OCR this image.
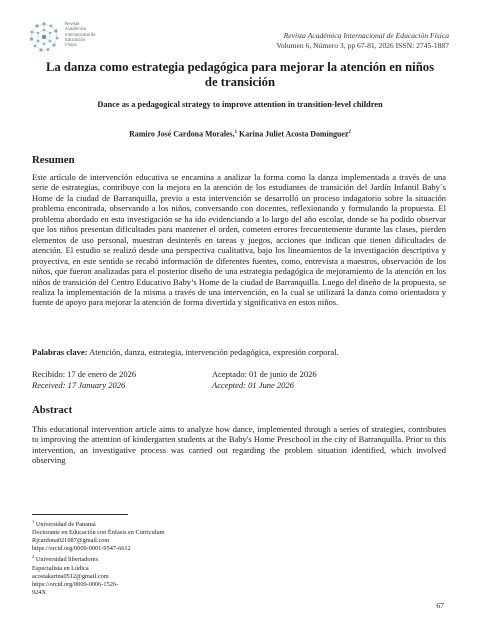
Revista
Académica
Internacional de
Educación
Física
Revista Académica Internacional de Educación Física
Volumen 6, Número 3, pp 67-81, 2026 ISSN: 2745-1887
La danza como estrategia pedagógica para mejorar la atención en niños de transición
Dance as a pedagogical strategy to improve attention in transition-level children
Ramiro José Cardona Morales,$^1$ Karina Juliet Acosta Domínguez$^2$
Resumen

Este artículo de intervención educativa se encamina a analizar la forma como la danza implementada a través de una serie de estrategias, contribuye con la mejora en la atención de los estudiantes de transición del Jardín Infantil Baby´s Home de la ciudad de Barranquilla, previo a esta intervención se desarrolló un proceso indagatorio sobre la situación problema encontrada, observando a los niños, conversando con docentes, reflexionando y formulando la propuesta. El problema abordado en esta investigación se ha ido evidenciando a lo largo del año escolar, donde se ha podido observar que los niños presentan dificultades para mantener el orden, cometen errores frecuentemente durante las clases, pierden elementos de uso personal, muestran desinterés en tareas y juegos, acciones que indican que tienen dificultades de atención. El estudio se realizó desde una perspectiva cualitativa, bajo los lineamientos de la investigación descriptiva y proyectiva, en este sentido se recabó información de diferentes fuentes, como, entrevista a maestros, observación de los niños, que fueron analizadas para el posterior diseño de una estrategia pedagógica de mejoramiento de la atención en los niños de transición del Centro Educativo Baby’s Home de la ciudad de Barranquilla. Luego del diseño de la propuesta, se realiza la implementación de la misma a través de una intervención, en la cual se utilizará la danza como orientadora y fuente de apoyo para mejorar la atención de forma divertida y significativa en estos niños.

Palabras clave: Atención, danza, estrategia, intervención pedagógica, expresión corporal.

Recibido: 17 de enero de 2026	Aceptado: 01 de junio de 2026
Received: 17 January 2026	Accepted: 01 June 2026
Abstract

This educational intervention article aims to analyze how dance, implemented through a series of strategies, contributes to improving the attention of kindergarten students at the Baby's Home Preschool in the city of Barranquilla. Prior to this intervention, an investigative process was carried out regarding the problem situation identified, which involved observing

$^1$ Universidad de Panamá
Doctorante en Educación con Énfasis en Curriculum
Rjcardona021087@gmail.com
https://orcid.org/0009-0001-9547-6612
$^2$ Universidad libertadores
Especialista en Lúdica
acostakarina0512@gmail.com
https://orcid.org/0009-0006-1526-
924X
67
